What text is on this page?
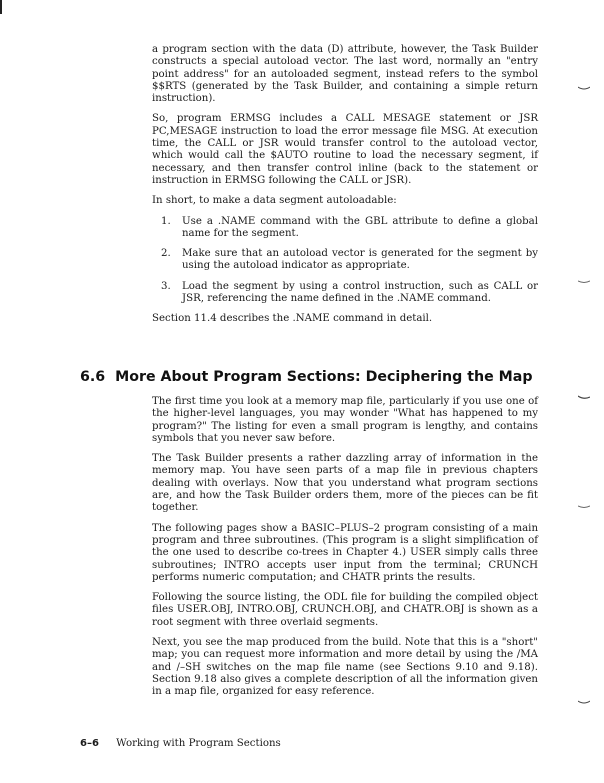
a program section with the data (D) attribute, however, the Task Builder constructs a special autoload vector. The last word, normally an "entry point address" for an autoloaded segment, instead refers to the symbol $$RTS (generated by the Task Builder, and containing a simple return instruction).

So, program ERMSG includes a CALL MESAGE statement or JSR PC,MESAGE instruction to load the error message file MSG. At execution time, the CALL or JSR would transfer control to the autoload vector, which would call the $AUTO routine to load the necessary segment, if necessary, and then transfer control inline (back to the statement or instruction in ERMSG following the CALL or JSR).

In short, to make a data segment autoloadable:

1. Use a .NAME command with the GBL attribute to define a global name for the segment.
2. Make sure that an autoload vector is generated for the segment by using the autoload indicator as appropriate.
3. Load the segment by using a control instruction, such as CALL or JSR, referencing the name defined in the .NAME command.

Section 11.4 describes the .NAME command in detail.

6.6 More About Program Sections: Deciphering the Map

The first time you look at a memory map file, particularly if you use one of the higher-level languages, you may wonder "What has happened to my program?" The listing for even a small program is lengthy, and contains symbols that you never saw before.

The Task Builder presents a rather dazzling array of information in the memory map. You have seen parts of a map file in previous chapters dealing with overlays. Now that you understand what program sections are, and how the Task Builder orders them, more of the pieces can be fit together.

The following pages show a BASIC–PLUS–2 program consisting of a main program and three subroutines. (This program is a slight simplification of the one used to describe co-trees in Chapter 4.) USER simply calls three subroutines; INTRO accepts user input from the terminal; CRUNCH performs numeric computation; and CHATR prints the results.

Following the source listing, the ODL file for building the compiled object files USER.OBJ, INTRO.OBJ, CRUNCH.OBJ, and CHATR.OBJ is shown as a root segment with three overlaid segments.

Next, you see the map produced from the build. Note that this is a "short" map; you can request more information and more detail by using the /MA and /–SH switches on the map file name (see Sections 9.10 and 9.18). Section 9.18 also gives a complete description of all the information given in a map file, organized for easy reference.

6–6 Working with Program Sections
